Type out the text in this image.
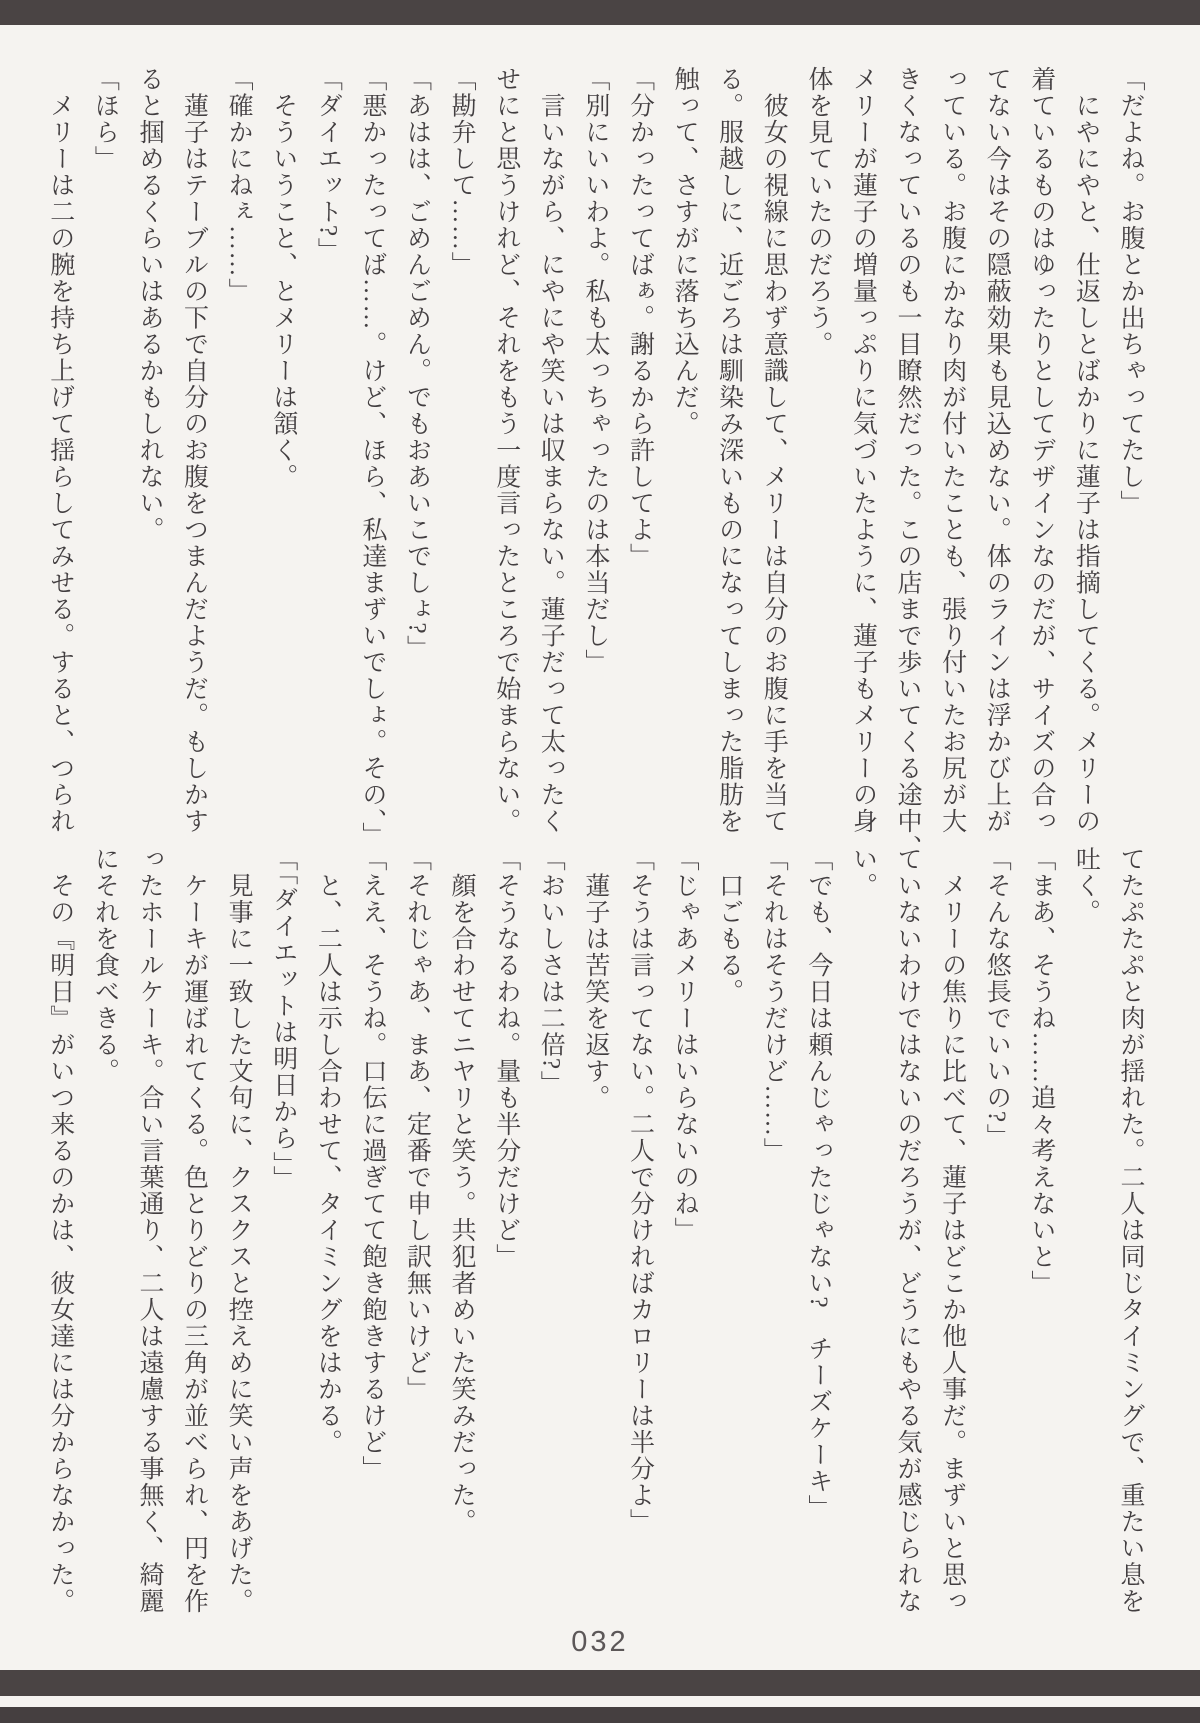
「だよね。お腹とか出ちゃってたし」
　にやにやと、仕返しとばかりに蓮子は指摘してくる。メリーの
着ているものはゆったりとしてデザインなのだが、サイズの合っ
てない今はその隠蔽効果も見込めない。体のラインは浮かび上が
っている。お腹にかなり肉が付いたことも、張り付いたお尻が大
きくなっているのも一目瞭然だった。この店まで歩いてくる途中、
メリーが蓮子の増量っぷりに気づいたように、蓮子もメリーの身
体を見ていたのだろう。
　彼女の視線に思わず意識して、メリーは自分のお腹に手を当て
る。服越しに、近ごろは馴染み深いものになってしまった脂肪を
触って、さすがに落ち込んだ。
「分かったってばぁ。謝るから許してよ」
「別にいいわよ。私も太っちゃったのは本当だし」
　言いながら、にやにや笑いは収まらない。蓮子だって太ったく
せにと思うけれど、それをもう一度言ったところで始まらない。
「勘弁して……」
「あはは、ごめんごめん。でもおあいこでしょ?」
「悪かったってば……。けど、ほら、私達まずいでしょ。その、」
「ダイエット?」
　そういうこと、とメリーは頷く。
「確かにねぇ……」
　蓮子はテーブルの下で自分のお腹をつまんだようだ。もしかす
ると掴めるくらいはあるかもしれない。
「ほら」
　メリーは二の腕を持ち上げて揺らしてみせる。すると、つられ
てたぷたぷと肉が揺れた。二人は同じタイミングで、重たい息を
吐く。
「まあ、そうね……追々考えないと」
「そんな悠長でいいの?」
　メリーの焦りに比べて、蓮子はどこか他人事だ。まずいと思っ
ていないわけではないのだろうが、どうにもやる気が感じられな
い。
「でも、今日は頼んじゃったじゃない?　チーズケーキ」
「それはそうだけど……」
　口ごもる。
「じゃあメリーはいらないのね」
「そうは言ってない。二人で分ければカロリーは半分よ」
　蓮子は苦笑を返す。
「おいしさは二倍?」
「そうなるわね。量も半分だけど」
　顔を合わせてニヤリと笑う。共犯者めいた笑みだった。
「それじゃあ、まあ、定番で申し訳無いけど」
「ええ、そうね。口伝に過ぎてて飽き飽きするけど」
　と、二人は示し合わせて、タイミングをはかる。
「「ダイエットは明日から」」
　見事に一致した文句に、クスクスと控えめに笑い声をあげた。
　ケーキが運ばれてくる。色とりどりの三角が並べられ、円を作
ったホールケーキ。合い言葉通り、二人は遠慮する事無く、綺麗
にそれを食べきる。
　その『明日』がいつ来るのかは、彼女達には分からなかった。
032
